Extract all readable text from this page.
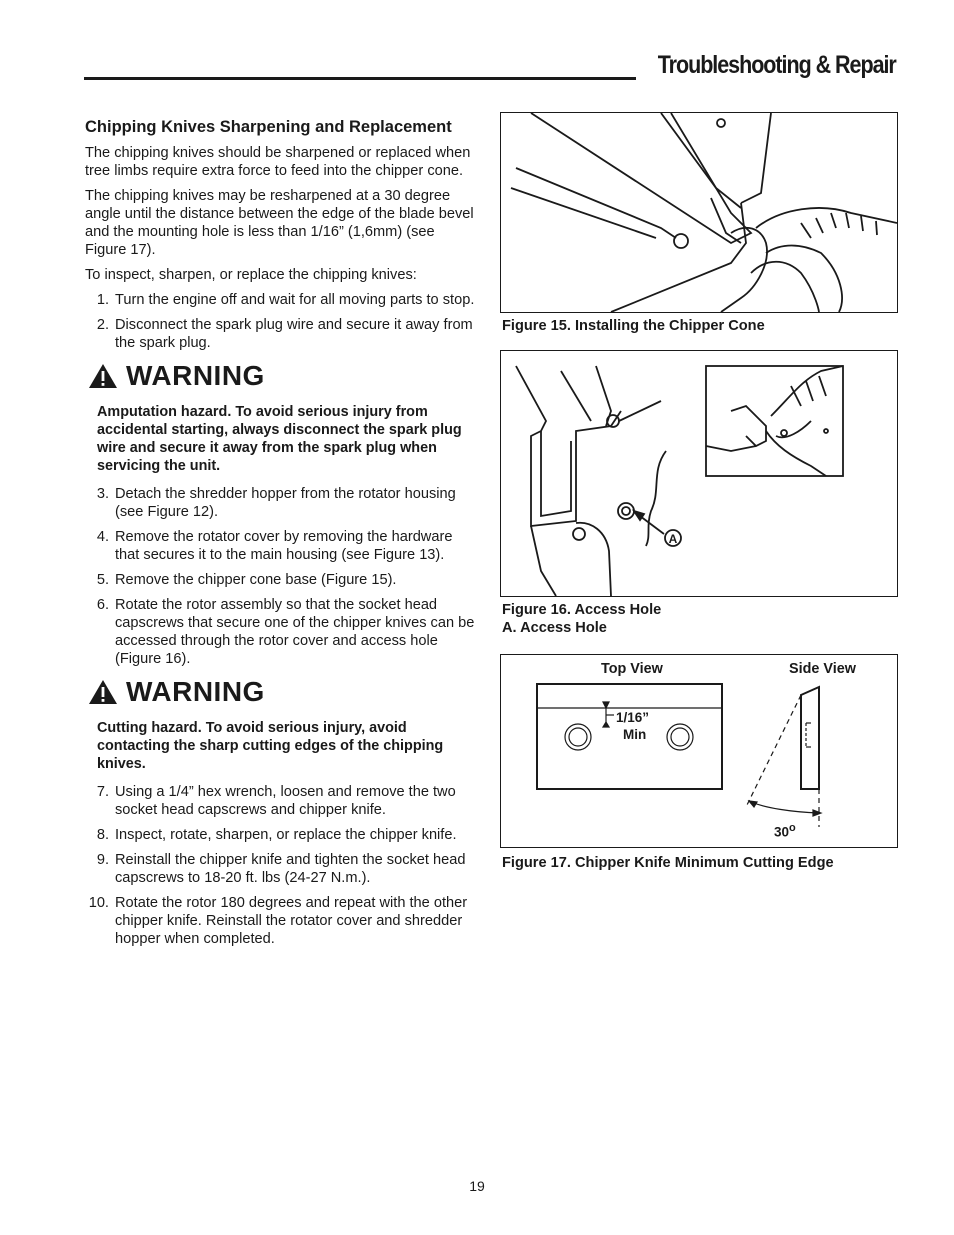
Troubleshooting & Repair
Chipping Knives Sharpening and Replacement

The chipping knives should be sharpened or replaced when tree limbs require extra force to feed into the chipper cone.

The chipping knives may be resharpened at a 30 degree angle until the distance between the edge of the blade bevel and the mounting hole is less than 1/16” (1,6mm) (see Figure 17).

To inspect, sharpen, or replace the chipping knives:

1. Turn the engine off and wait for all moving parts to stop.
2. Disconnect the spark plug wire and secure it away from the spark plug.
WARNING
Amputation hazard. To avoid serious injury from accidental starting, always disconnect the spark plug wire and secure it away from the spark plug when servicing the unit.
3. Detach the shredder hopper from the rotator housing (see Figure 12).
4. Remove the rotator cover by removing the hardware that secures it to the main housing (see Figure 13).
5. Remove the chipper cone base (Figure 15).
6. Rotate the rotor assembly so that the socket head capscrews that secure one of the chipper knives can be accessed through the rotor cover and access hole (Figure 16).
WARNING
Cutting hazard. To avoid serious injury, avoid contacting the sharp cutting edges of the chipping knives.
7. Using a 1/4” hex wrench, loosen and remove the two socket head capscrews and chipper knife.
8. Inspect, rotate, sharpen, or replace the chipper knife.
9. Reinstall the chipper knife and tighten the socket head capscrews to 18-20 ft. lbs (24-27 N.m.).
10. Rotate the rotor 180 degrees and repeat with the other chipper knife. Reinstall the rotator cover and shredder hopper when completed.
Figure 15. Installing the Chipper Cone
A
Figure 16. Access Hole
A. Access Hole
Top View	Side View
1/16”
Min
30$^o$
Figure 17. Chipper Knife Minimum Cutting Edge
19
